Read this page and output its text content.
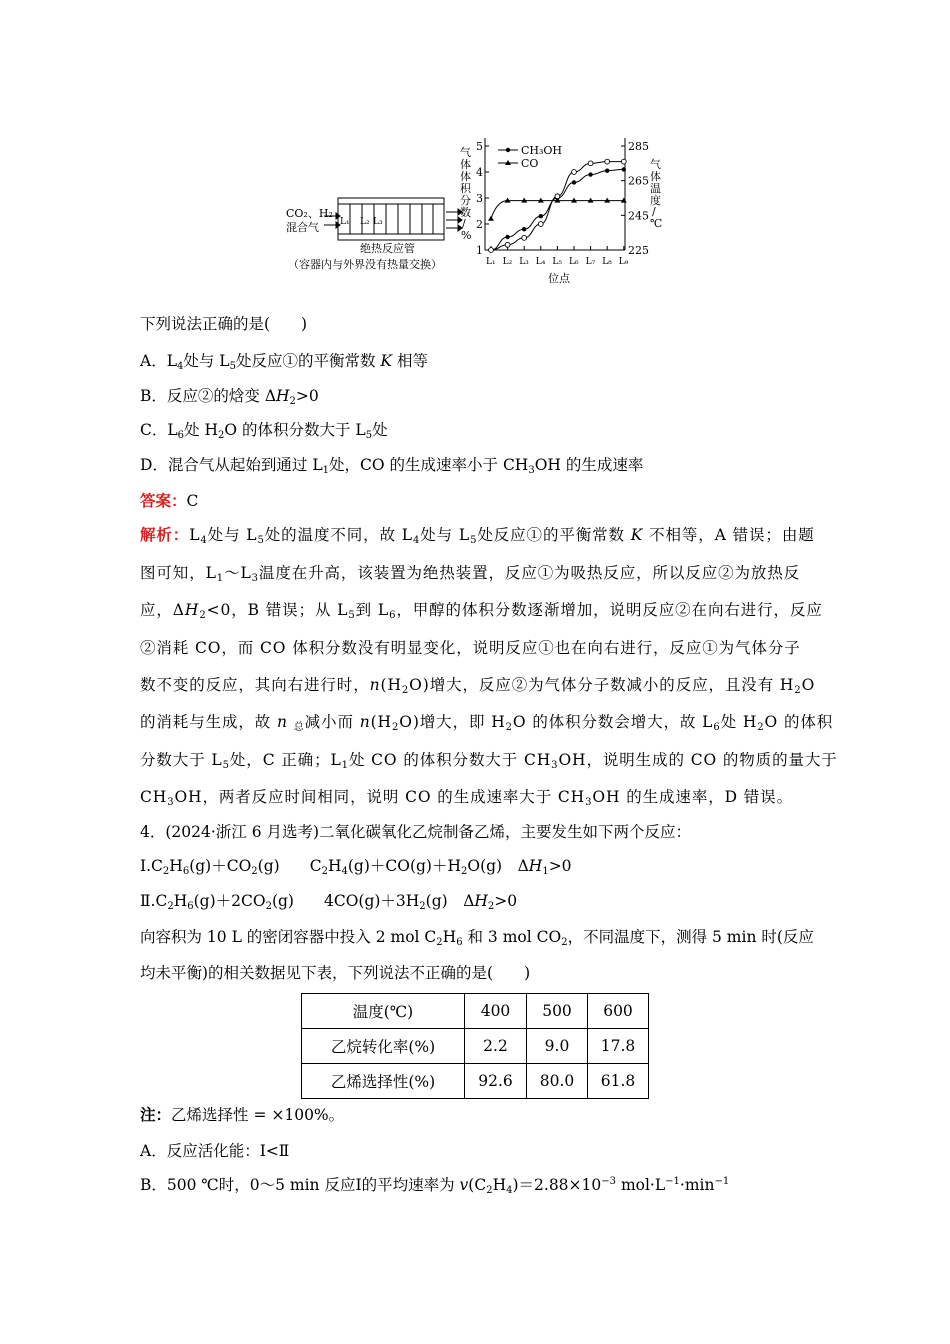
CO₂、H₂
混合气 L₁ L₂ L₃
绝热反应管
（容器内与外界没有热量交换）
气
体
体
积
分
数
/
%
气
体
温
度
/
℃
1
2
3
4
5
225
245
265
285
L₁ L₂ L₃ L₄ L₅ L₆ L₇ L₈ L₉
位点
CH₃OH
CO
下列说法正确的是(　　)
A．$L_4$处与 $L_5$处反应①的平衡常数 K 相等
B．反应②的焓变 $\Delta H_2>0$
C．$L_6$处 $H_2O$ 的体积分数大于 $L_5$处
D．混合气从起始到通过 $L_1$处，CO 的生成速率小于 $CH_3OH$ 的生成速率
答案：C
解析：$L_4$处与 $L_5$处的温度不同，故 $L_4$处与 $L_5$处反应①的平衡常数 K 不相等，A 错误；由题
图可知，$L_1\sim L_3$温度在升高，该装置为绝热装置，反应①为吸热反应，所以反应②为放热反
应，$\Delta H_2<0$，B 错误；从 $L_5$到 $L_6$，甲醇的体积分数逐渐增加，说明反应②在向右进行，反应
②消耗 CO，而 CO 体积分数没有明显变化，说明反应①也在向右进行，反应①为气体分子
数不变的反应，其向右进行时，$n(H_2O)$增大，反应②为气体分子数减小的反应，且没有 $H_2O$
的消耗与生成，故 n $_总$减小而 $n(H_2O)$增大，即 $H_2O$ 的体积分数会增大，故 $L_6$处 $H_2O$ 的体积
分数大于 $L_5$处，C 正确；$L_1$处 CO 的体积分数大于 $CH_3OH$，说明生成的 CO 的物质的量大于
$CH_3OH$，两者反应时间相同，说明 CO 的生成速率大于 $CH_3OH$ 的生成速率，D 错误。
4．(2024·浙江 6 月选考)二氧化碳氧化乙烷制备乙烯，主要发生如下两个反应：
$Ⅰ.C_2H_6(g)+CO_2(g)$ $C_2H_4(g)+CO(g)+H_2O(g)$　$\Delta H_1>0$
$Ⅱ.C_2H_6(g)+2CO_2(g)$ $4CO(g)+3H_2(g)$　$\Delta H_2>0$
向容积为 10 L 的密闭容器中投入 2 mol $C_2H_6$ 和 3 mol $CO_2$，不同温度下，测得 5 min 时(反应
均未平衡)的相关数据见下表，下列说法不正确的是(　　)
温度(℃)	400	500	600
乙烷转化率(%)	2.2	9.0	17.8
乙烯选择性(%)	92.6	80.0	61.8
注：乙烯选择性 = ×100%。
A．反应活化能：Ⅰ<Ⅱ
B．500 ℃时，0～5 min 反应Ⅰ的平均速率为 $v(C_2H_4)=2.88\times 10^{-3}$ $mol\cdot L^{-1}\cdot\min^{-1}$
